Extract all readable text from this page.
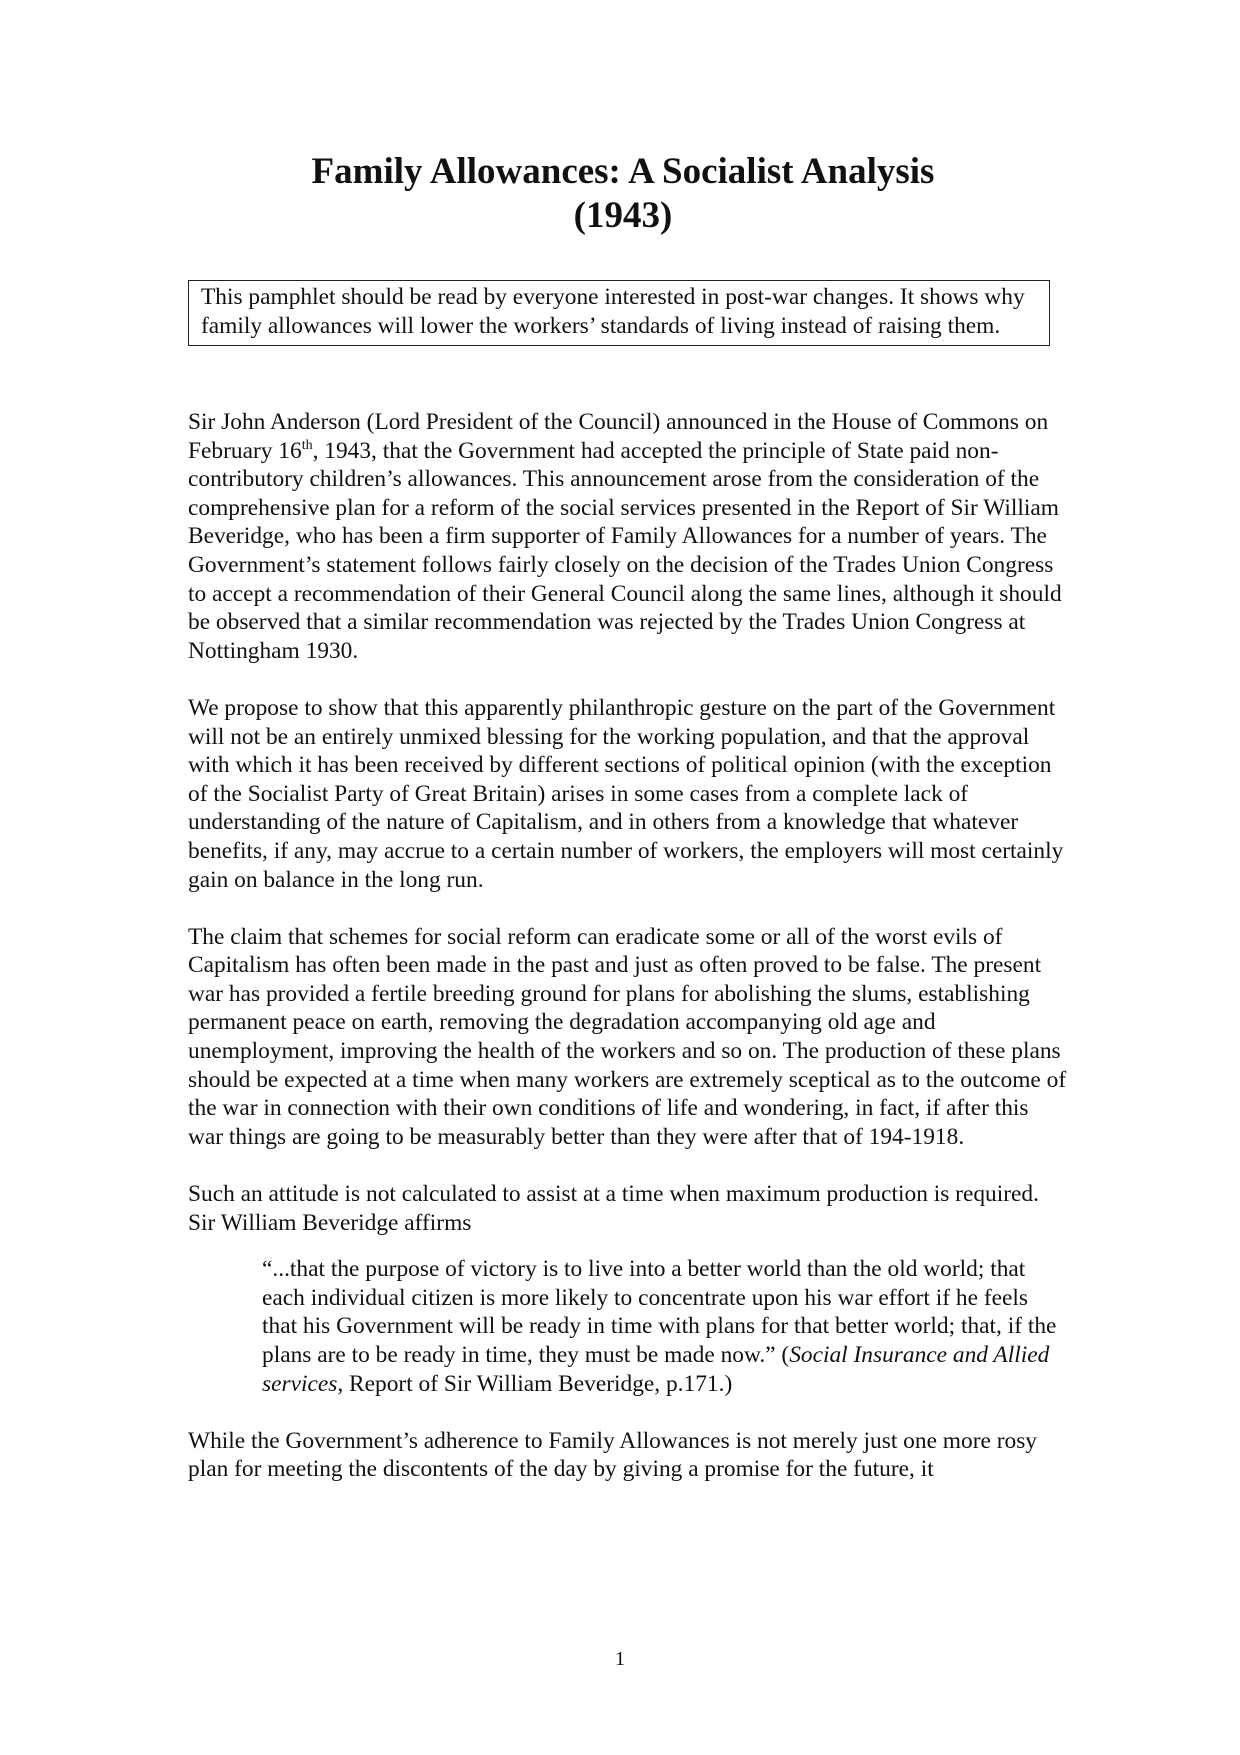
Family Allowances: A Socialist Analysis
(1943)
This pamphlet should be read by everyone interested in post-war changes. It shows why family allowances will lower the workers’ standards of living instead of raising them.

Sir John Anderson (Lord President of the Council) announced in the House of Commons on February 16th, 1943, that the Government had accepted the principle of State paid non-contributory children’s allowances. This announcement arose from the consideration of the comprehensive plan for a reform of the social services presented in the Report of Sir William Beveridge, who has been a firm supporter of Family Allowances for a number of years. The Government’s statement follows fairly closely on the decision of the Trades Union Congress to accept a recommendation of their General Council along the same lines, although it should be observed that a similar recommendation was rejected by the Trades Union Congress at Nottingham 1930.

We propose to show that this apparently philanthropic gesture on the part of the Government will not be an entirely unmixed blessing for the working population, and that the approval with which it has been received by different sections of political opinion (with the exception of the Socialist Party of Great Britain) arises in some cases from a complete lack of understanding of the nature of Capitalism, and in others from a knowledge that whatever benefits, if any, may accrue to a certain number of workers, the employers will most certainly gain on balance in the long run.

The claim that schemes for social reform can eradicate some or all of the worst evils of Capitalism has often been made in the past and just as often proved to be false. The present war has provided a fertile breeding ground for plans for abolishing the slums, establishing permanent peace on earth, removing the degradation accompanying old age and unemployment, improving the health of the workers and so on. The production of these plans should be expected at a time when many workers are extremely sceptical as to the outcome of the war in connection with their own conditions of life and wondering, in fact, if after this war things are going to be measurably better than they were after that of 194-1918.

Such an attitude is not calculated to assist at a time when maximum production is required. Sir William Beveridge affirms

“...that the purpose of victory is to live into a better world than the old world; that each individual citizen is more likely to concentrate upon his war effort if he feels that his Government will be ready in time with plans for that better world; that, if the plans are to be ready in time, they must be made now.” (Social Insurance and Allied services, Report of Sir William Beveridge, p.171.)

While the Government’s adherence to Family Allowances is not merely just one more rosy plan for meeting the discontents of the day by giving a promise for the future, it

1
